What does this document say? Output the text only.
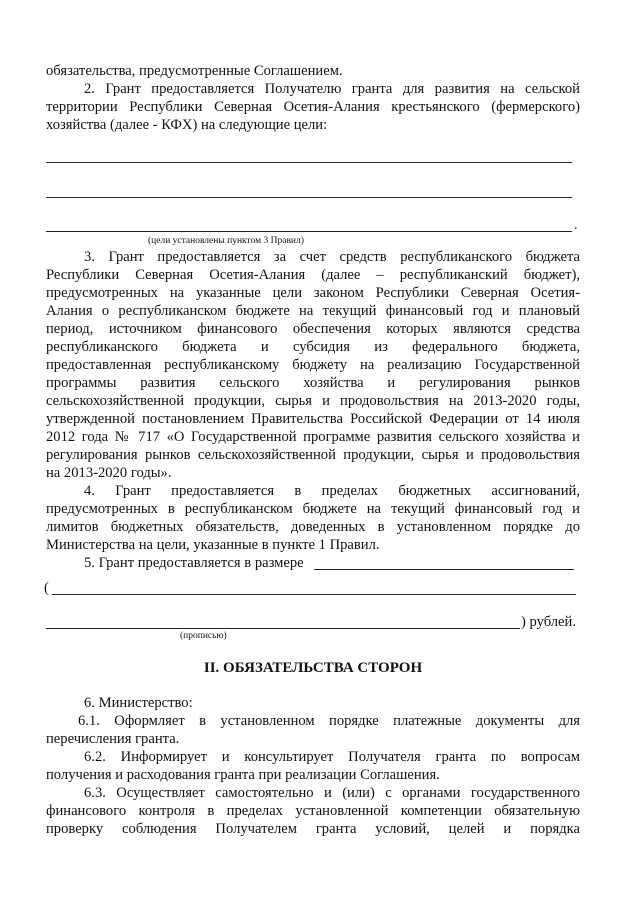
обязательства, предусмотренные Соглашением.
2. Грант предоставляется Получателю гранта для развития на сельской
территории Республики Северная Осетия-Алания крестьянского (фермерского)
хозяйства (далее - КФХ) на следующие цели:
.
(цели установлены пунктом 3 Правил)
3. Грант предоставляется за счет средств республиканского бюджета
Республики Северная Осетия-Алания (далее – республиканский бюджет),
предусмотренных на указанные цели законом Республики Северная Осетия-
Алания о республиканском бюджете на текущий финансовый год и плановый
период, источником финансового обеспечения которых являются средства
республиканского бюджета и субсидия из федерального бюджета,
предоставленная республиканскому бюджету на реализацию Государственной
программы развития сельского хозяйства и регулирования рынков
сельскохозяйственной продукции, сырья и продовольствия на 2013-2020 годы,
утвержденной постановлением Правительства Российской Федерации от 14 июля
2012 года № 717 «О Государственной программе развития сельского хозяйства и
регулирования рынков сельскохозяйственной продукции, сырья и продовольствия
на 2013-2020 годы».
4. Грант предоставляется в пределах бюджетных ассигнований,
предусмотренных в республиканском бюджете на текущий финансовый год и
лимитов бюджетных обязательств, доведенных в установленном порядке до
Министерства на цели, указанные в пункте 1 Правил.
5. Грант предоставляется в размере
(
) рублей.
(прописью)
II. ОБЯЗАТЕЛЬСТВА СТОРОН
6. Министерство:
6.1. Оформляет в установленном порядке платежные документы для
перечисления гранта.
6.2. Информирует и консультирует Получателя гранта по вопросам
получения и расходования гранта при реализации Соглашения.
6.3. Осуществляет самостоятельно и (или) с органами государственного
финансового контроля в пределах установленной компетенции обязательную
проверку соблюдения Получателем гранта условий, целей и порядка
